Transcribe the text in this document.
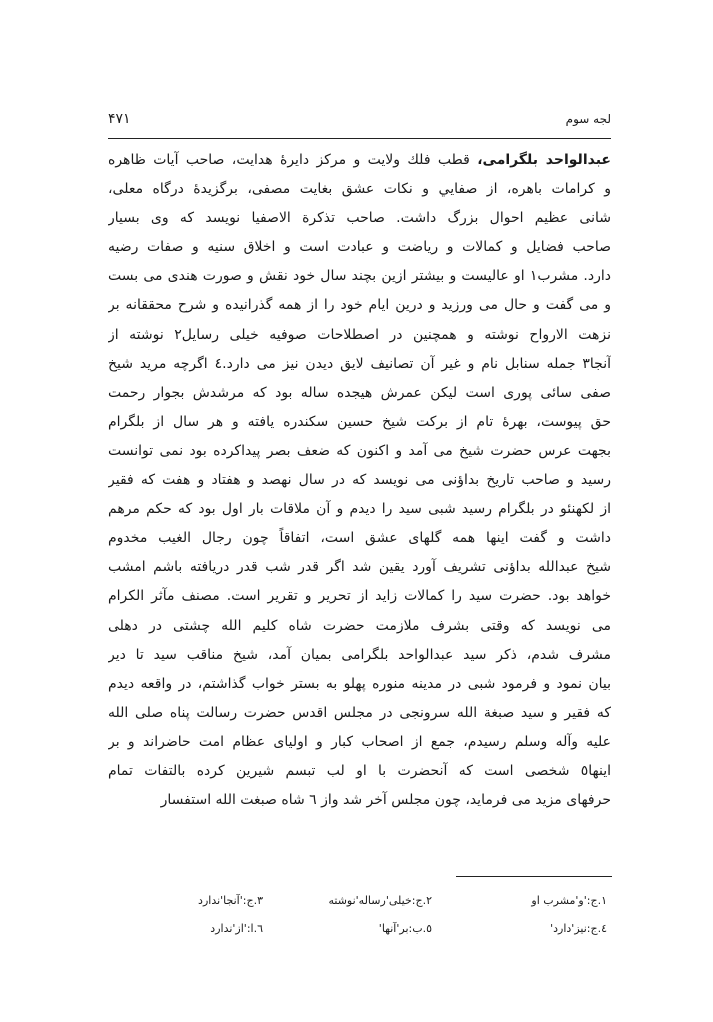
لجه سوم
۴۷۱
عبدالواحد بلگرامی، قطب فلك ولايت و مركز دايرهٔ هدايت، صاحب آيات ظاهره
و كرامات باهره، از صفايي و نكات عشق بغايت مصفى، برگزيدهٔ درگاه معلى،
شانى عظيم احوال بزرگ داشت. صاحب تذكرة الاصفيا نويسد كه وى بسيار
صاحب فضايل و كمالات و رياضت و عبادت است و اخلاق سنيه و صفات رضيه
دارد. مشرب١ او عاليست و بيشتر ازين بچند سال خود نقش و صورت هندى مى بست
و مى گفت و حال مى ورزيد و درين ايام خود را از همه گذرانيده و شرح محققانه بر
نزهت الارواح نوشته و همچنين در اصطلاحات صوفيه خيلى رسايل٢ نوشته از
آنجا٣ جمله سنابل نام و غير آن تصانيف لايق ديدن نيز مى دارد.٤ اگرچه مريد شيخ
صفى سائى پورى است ليكن عمرش هيجده ساله بود كه مرشدش بجوار رحمت
حق پيوست، بهرهٔ تام از بركت شيخ حسين سكندره يافته و هر سال از بلگرام
بجهت عرس حضرت شيخ مى آمد و اكنون كه ضعف بصر پيداكرده بود نمى توانست
رسيد و صاحب تاريخ بداؤنى مى نويسد كه در سال نهصد و هفتاد و هفت كه فقير
از لكهنئو در بلگرام رسيد شبى سيد را ديدم و آن ملاقات بار اول بود كه حكم مرهم
داشت و گفت اينها همه گلهاى عشق است، اتفاقاً چون رجال الغيب مخدوم
شيخ عبدالله بداؤنى تشريف آورد يقين شد اگر قدر شب قدر دريافته باشم امشب
خواهد بود. حضرت سيد را كمالات زايد از تحرير و تقرير است. مصنف مآثر الكرام
مى نويسد كه وقتى بشرف ملازمت حضرت شاه كليم الله چشتى در دهلى
مشرف شدم، ذكر سيد عبدالواحد بلگرامى بميان آمد، شيخ مناقب سيد تا دير
بيان نمود و فرمود شبى در مدينه منوره پهلو به بستر خواب گذاشتم، در واقعه ديدم
كه فقير و سيد صبغة الله سرونجى در مجلس اقدس حضرت رسالت پناه صلى الله
عليه وآله وسلم رسيدم، جمع از اصحاب كبار و اولياى عظام امت حاضراند و بر
اينها٥ شخصى است كه آنحضرت با او لب تبسم شيرين كرده بالتفات تمام
حرفهاى مزيد مى فرمايد، چون مجلس آخر شد واز ٦ شاه صبغت الله استفسار
١.ج:'و'مشرب او
٢.ج:خيلى'رساله'نوشته
٣.ج:'آنجا'ندارد
٤.ج:نيز'دارد'
٥.ب:بر'آنها'
٦.ا:'از'ندارد
